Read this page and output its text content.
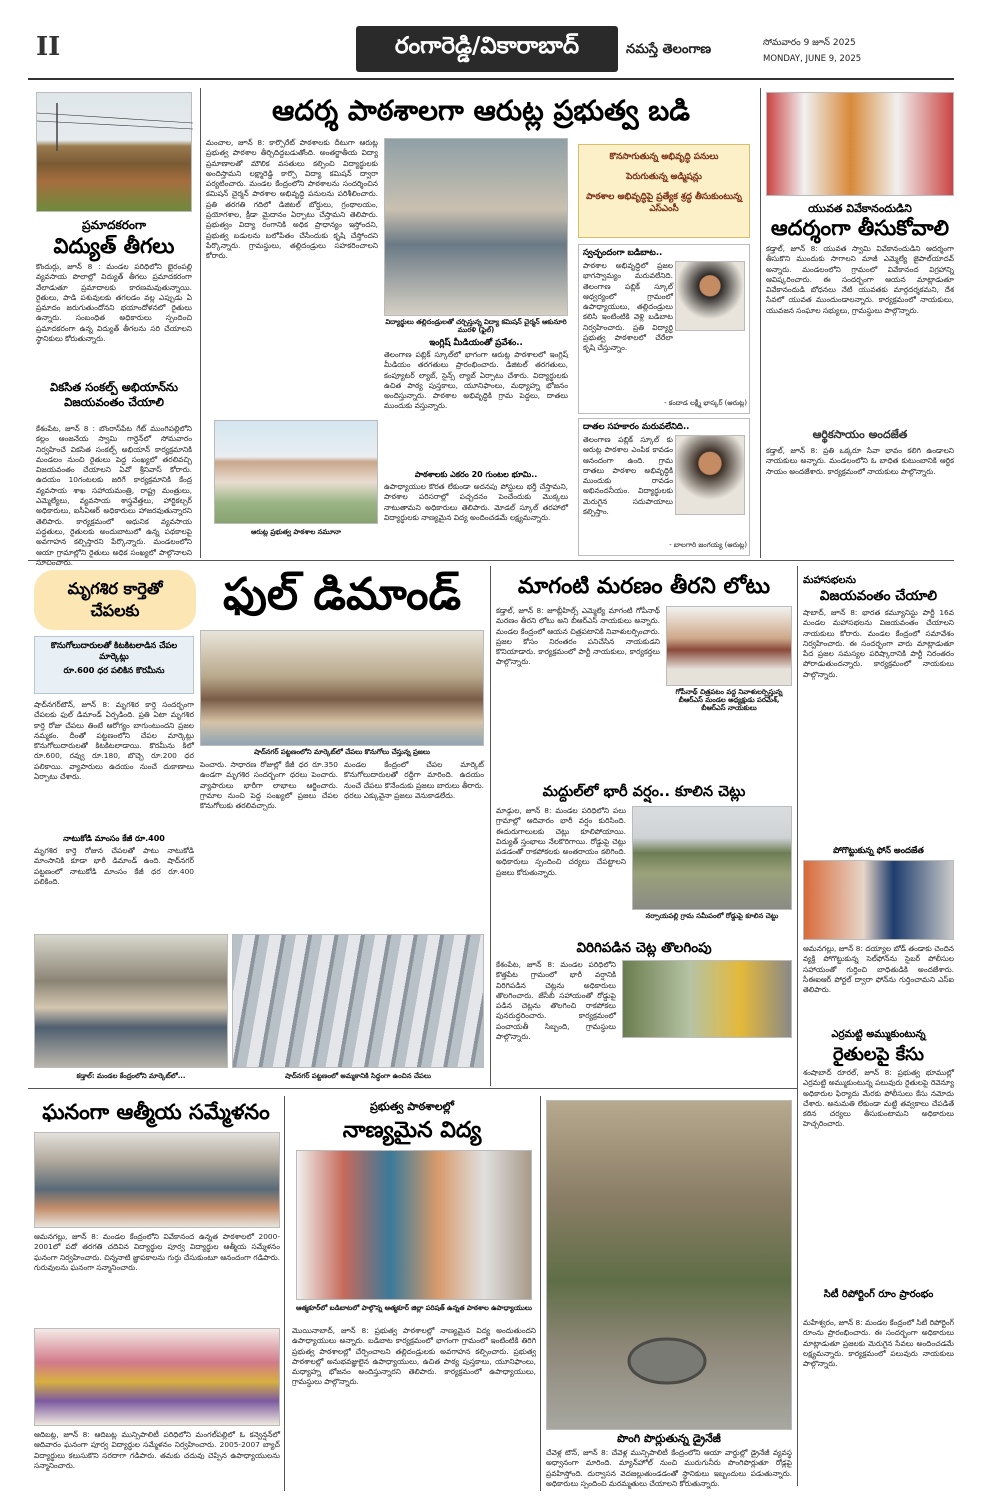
II	రంగారెడ్డి/వికారాబాద్	నమస్తే తెలంగాణ	సోమవారం 9 జూన్ 2025
MONDAY, JUNE 9, 2025
ప్రమాదకరంగా
విద్యుత్ తీగలు
కొందుర్గు, జూన్ 8 : మండల పరిధిలోని భైరంపల్లి వ్యవసాయ పొలాల్లో విద్యుత్ తీగలు ప్రమాదకరంగా వేలాడుతూ ప్రమాదాలకు కారణమవుతున్నాయి. రైతులు, పాడి పశువులకు తగలడం వల్ల ఎప్పుడు ఏ ప్రమాదం జరుగుతుందోనని భయాందోళనలో రైతులు ఉన్నారు. సంబంధిత అధికారులు స్పందించి ప్రమాదకరంగా ఉన్న విద్యుత్ తీగలను సరి చేయాలని స్థానికులు కోరుతున్నారు.
వికసిత సంకల్ప్ అభియాన్‌ను విజయవంతం చేయాలి
కేశంపేట, జూన్ 8 : బొంరాస్‌పేట గేట్ ముంగిపల్లిలోని కల్లం ఆంజనేయ స్వామి గార్డెన్‌లో సోమవారం నిర్వహించే వికసిత సంకల్ప్ అభియాన్ కార్యక్రమానికి మండలం నుంచి రైతులు పెద్ద సంఖ్యలో తరలివచ్చి విజయవంతం చేయాలని ఏవో శ్రీనివాస్ కోరారు. ఉదయం 10గంటలకు జరిగే కార్యక్రమానికి కేంద్ర వ్యవసాయ శాఖ సహాయమంత్రి, రాష్ట్ర మంత్రులు, ఎమ్మెల్యేలు, వ్యవసాయ శాస్త్రవేత్తలు, హార్టికల్చర్ అధికారులు, ఐసీఏఆర్ అధికారులు హాజరవుతున్నారని తెలిపారు. కార్యక్రమంలో ఆధునిక వ్యవసాయ పద్ధతులు, రైతులకు అందుబాటులో ఉన్న పథకాలపై అవగాహన కల్పిస్తారని పేర్కొన్నారు. మండలంలోని ఆయా గ్రామాల్లోని రైతులు అధిక సంఖ్యలో పాల్గొనాలని సూచించారు.
ఆదర్శ పాఠశాలగా ఆరుట్ల ప్రభుత్వ బడి
మంచాల, జూన్ 8: కార్పొరేట్ పాఠశాలకు దీటుగా ఆరుట్ల ప్రభుత్వ పాఠశాల తీర్చిదిద్దబడుతోంది. అంతర్జాతీయ విద్యా ప్రమాణాలతో మౌలిక వసతులు కల్పించి విద్యార్థులకు అందిస్తామని లక్ష్మారెడ్డి కార్పొ విద్యా కమిషన్ ద్వారా పర్యటించారు. మండల కేంద్రంలోని పాఠశాలను సందర్శించిన కమిషన్ చైర్మన్ పాఠశాల అభివృద్ధి పనులను పరిశీలించారు. ప్రతి తరగతి గదిలో డిజిటల్ బోర్డులు, గ్రంథాలయం, ప్రయోగశాల, క్రీడా మైదానం ఏర్పాటు చేస్తామని తెలిపారు. ప్రభుత్వం విద్యా రంగానికి అధిక ప్రాధాన్యం ఇస్తోందని, ప్రభుత్వ బడులను బలోపేతం చేసేందుకు కృషి చేస్తోందని పేర్కొన్నారు. గ్రామస్థులు, తల్లిదండ్రులు సహకరించాలని కోరారు.
విద్యార్థులు తల్లిదండ్రులతో చర్చిస్తున్న విద్యా కమిషన్ చైర్మన్ ఆకునూరి మురళి (ఫైల్)
ఇంగ్లిష్ మీడియంతో ప్రవేశం..
తెలంగాణ పబ్లిక్ స్కూల్‌లో భాగంగా ఆరుట్ల పాఠశాలలో ఇంగ్లిష్ మీడియం తరగతులు ప్రారంభించారు. డిజిటల్ తరగతులు, కంప్యూటర్ ల్యాబ్, సైన్స్ ల్యాబ్ ఏర్పాటు చేశారు. విద్యార్థులకు ఉచిత పాఠ్య పుస్తకాలు, యూనిఫాంలు, మధ్యాహ్న భోజనం అందిస్తున్నారు. పాఠశాల అభివృద్ధికి గ్రామ పెద్దలు, దాతలు ముందుకు వస్తున్నారు.
పాఠశాలకు ఎకరం 20 గుంటల భూమి..
ఉపాధ్యాయుల కొరత లేకుండా అదనపు పోస్టులు భర్తీ చేస్తామని, పాఠశాల పరిసరాల్లో పచ్చదనం పెంచేందుకు మొక్కలు నాటుతామని అధికారులు తెలిపారు. మోడల్ స్కూల్ తరహాలో విద్యార్థులకు నాణ్యమైన విద్య అందించడమే లక్ష్యమన్నారు.
ఆరుట్ల ప్రభుత్వ పాఠశాల నమూనా
కొనసాగుతున్న అభివృద్ధి పనులు
పెరుగుతున్న అడ్మిషన్లు
పాఠశాల అభివృద్ధిపై ప్రత్యేక శ్రద్ధ తీసుకుంటున్న ఎస్ఎంసీ
స్వచ్ఛందంగా బడిబాట..
పాఠశాల అభివృద్ధిలో ప్రజల భాగస్వామ్యం మరువలేనిది. తెలంగాణ పబ్లిక్ స్కూల్ ఆధ్వర్యంలో గ్రామంలో ఉపాధ్యాయులు, తల్లిదండ్రులు కలిసి ఇంటింటికి వెళ్లి బడిబాట నిర్వహించారు. ప్రతి విద్యార్థి ప్రభుత్వ పాఠశాలలో చేరేలా కృషి చేస్తున్నాం.
- కందాడ లక్ష్మీ భాస్కర్ (ఆరుట్ల)
దాతల సహకారం మరువలేనిది..
తెలంగాణ పబ్లిక్ స్కూల్ కు ఆరుట్ల పాఠశాల ఎంపిక కావడం ఆనందంగా ఉంది. గ్రామ దాతలు పాఠశాల అభివృద్ధికి ముందుకు రావడం అభినందనీయం. విద్యార్థులకు మెరుగైన సదుపాయాలు కల్పిస్తాం.
- బాలగారి జంగయ్య (ఆరుట్ల)
యువత వివేకానందుడిని
ఆదర్శంగా తీసుకోవాలి
కడ్తాల్, జూన్ 8: యువత స్వామి వివేకానందుడిని ఆదర్శంగా తీసుకొని ముందుకు సాగాలని మాజీ ఎమ్మెల్యే జైపాల్‌యాదవ్ అన్నారు. మండలంలోని గ్రామంలో వివేకానంద విగ్రహాన్ని ఆవిష్కరించారు. ఈ సందర్భంగా ఆయన మాట్లాడుతూ వివేకానందుడి బోధనలు నేటి యువతకు మార్గదర్శకమని, దేశ సేవలో యువత ముందుండాలన్నారు. కార్యక్రమంలో నాయకులు, యువజన సంఘాల సభ్యులు, గ్రామస్థులు పాల్గొన్నారు.
ఆర్థికసాయం అందజేత
కడ్తాల్, జూన్ 8: ప్రతి ఒక్కరూ సేవా భావం కలిగి ఉండాలని నాయకులు అన్నారు. మండలంలోని ఓ బాధిత కుటుంబానికి ఆర్థిక సాయం అందజేశారు. కార్యక్రమంలో నాయకులు పాల్గొన్నారు.
మృగశిర కార్తెతో చేపలకు	ఫుల్ డిమాండ్
కొనుగోలుదారులతో కిటకిటలాడిన చేపల మార్కెట్లు
రూ.600 ధర పలికిన కొరమీను
షాద్‌నగర్‌టౌన్, జూన్ 8: మృగశిర కార్తె సందర్భంగా చేపలకు ఫుల్ డిమాండ్ ఏర్పడింది. ప్రతి ఏటా మృగశిర కార్తె రోజు చేపలు తింటే ఆరోగ్యం బాగుంటుందని ప్రజల నమ్మకం. దీంతో పట్టణంలోని చేపల మార్కెట్లు కొనుగోలుదారులతో కిటకిటలాడాయి. కొరమీను కిలో రూ.600, రవ్వు రూ.180, బొచ్చె రూ.200 ధర పలికాయి. వ్యాపారులు ఉదయం నుంచే దుకాణాలు ఏర్పాటు చేశారు.
నాటుకోడి మాంసం కేజీ రూ.400
మృగశిర కార్తె రోజున చేపలతో పాటు నాటుకోడి మాంసానికి కూడా భారీ డిమాండ్ ఉంది. షాద్‌నగర్ పట్టణంలో నాటుకోడి మాంసం కేజీ ధర రూ.400 పలికింది.
షాద్‌నగర్ పట్టణంలోని మార్కెట్‌లో చేపలు కొనుగోలు చేస్తున్న ప్రజలు
పెంచారు. సాధారణ రోజుల్లో కేజీ ధర రూ.350 ఉండగా మృగశిర సందర్భంగా ధరలు పెంచారు. వ్యాపారులు భారీగా లాభాలు ఆర్జించారు. గ్రామాల నుంచి పెద్ద సంఖ్యలో ప్రజలు చేపల కొనుగోలుకు తరలివచ్చారు.
మండల కేంద్రంలో చేపల మార్కెట్ కొనుగోలుదారులతో రద్దీగా మారింది. ఉదయం నుంచే చేపలు కొనేందుకు ప్రజలు బారులు తీరారు. ధరలు ఎక్కువైనా ప్రజలు వెనుకాడలేదు.
కడ్తాల్: మండల కేంద్రంలోని మార్కెట్‌లో...	షాద్‌నగర్ పట్టణంలో అమ్మకానికి సిద్ధంగా ఉంచిన చేపలు
మాగంటి మరణం తీరని లోటు
కడ్తాల్, జూన్ 8: జూబ్లీహిల్స్ ఎమ్మెల్యే మాగంటి గోపీనాథ్ మరణం తీరని లోటు అని బీఆర్ఎస్ నాయకులు అన్నారు. మండల కేంద్రంలో ఆయన చిత్రపటానికి నివాళులర్పించారు. ప్రజల కోసం నిరంతరం పనిచేసిన నాయకుడని కొనియాడారు. కార్యక్రమంలో పార్టీ నాయకులు, కార్యకర్తలు పాల్గొన్నారు.
గోపీనాథ్ చిత్రపటం వద్ద నివాళులర్పిస్తున్న బీఆర్ఎస్ మండల అధ్యక్షుడు పరమేశ్, బీఆర్ఎస్ నాయకులు
మద్దుల్‌లో భారీ వర్షం.. కూలిన చెట్లు
మాడ్గుల, జూన్ 8: మండల పరిధిలోని పలు గ్రామాల్లో ఆదివారం భారీ వర్షం కురిసింది. ఈదురుగాలులకు చెట్లు కూలిపోయాయి. విద్యుత్ స్తంభాలు నేలకొరిగాయి. రోడ్డుపై చెట్లు పడడంతో రాకపోకలకు అంతరాయం కలిగింది. అధికారులు స్పందించి చర్యలు చేపట్టాలని ప్రజలు కోరుతున్నారు.
నర్సాయపల్లి గ్రామ సమీపంలో రోడ్డుపై కూలిన చెట్టు
విరిగిపడిన చెట్ల తొలగింపు
కేశంపేట, జూన్ 8: మండల పరిధిలోని కొత్తపేట గ్రామంలో భారీ వర్షానికి విరిగిపడిన చెట్లను అధికారులు తొలగించారు. జేసీబీ సహాయంతో రోడ్డుపై పడిన చెట్లను తొలగించి రాకపోకలు పునరుద్ధరించారు. కార్యక్రమంలో పంచాయతీ సిబ్బంది, గ్రామస్థులు పాల్గొన్నారు.
మహాసభలను
విజయవంతం చేయాలి
షాబాద్, జూన్ 8: భారత కమ్యూనిస్టు పార్టీ 16వ మండల మహాసభలను విజయవంతం చేయాలని నాయకులు కోరారు. మండల కేంద్రంలో సమావేశం నిర్వహించారు. ఈ సందర్భంగా వారు మాట్లాడుతూ పేద ప్రజల సమస్యల పరిష్కారానికి పార్టీ నిరంతరం పోరాడుతుందన్నారు. కార్యక్రమంలో నాయకులు పాల్గొన్నారు.
పోగొట్టుకున్న ఫోన్ అందజేత
ఆమనగల్లు, జూన్ 8: దయ్యాల బోడ్ తండాకు చెందిన వ్యక్తి పోగొట్టుకున్న సెల్‌ఫోన్‌ను సైబర్ పోలీసుల సహాయంతో గుర్తించి బాధితుడికి అందజేశారు. సీఈఐఆర్ పోర్టల్ ద్వారా ఫోన్‌ను గుర్తించామని ఎస్ఐ తెలిపారు.
ఎర్రమట్టి అమ్ముకుంటున్న
రైతులపై కేసు
శంషాబాద్ రూరల్, జూన్ 8: ప్రభుత్వ భూముల్లో ఎర్రమట్టి అమ్ముకుంటున్న పలువురు రైతులపై రెవెన్యూ అధికారుల ఫిర్యాదు మేరకు పోలీసులు కేసు నమోదు చేశారు. అనుమతి లేకుండా మట్టి తవ్వకాలు చేపడితే కఠిన చర్యలు తీసుకుంటామని అధికారులు హెచ్చరించారు.
సిటీ రిపోర్టింగ్ రూం ప్రారంభం
మహేశ్వరం, జూన్ 8: మండల కేంద్రంలో సిటీ రిపోర్టింగ్ రూంను ప్రారంభించారు. ఈ సందర్భంగా అధికారులు మాట్లాడుతూ ప్రజలకు మెరుగైన సేవలు అందించడమే లక్ష్యమన్నారు. కార్యక్రమంలో పలువురు నాయకులు పాల్గొన్నారు.
ఘనంగా ఆత్మీయ సమ్మేళనం
ఆమనగల్లు, జూన్ 8: మండల కేంద్రంలోని వివేకానంద ఉన్నత పాఠశాలలో 2000-2001లో పదో తరగతి చదివిన విద్యార్థుల పూర్వ విద్యార్థుల ఆత్మీయ సమ్మేళనం ఘనంగా నిర్వహించారు. చిన్ననాటి జ్ఞాపకాలను గుర్తు చేసుకుంటూ ఆనందంగా గడిపారు. గురువులను ఘనంగా సన్మానించారు.
ఆదిబట్ల, జూన్ 8: ఆదిబట్ల మున్సిపాలిటీ పరిధిలోని మంగల్‌పల్లిలో ఓ కన్వెన్షన్‌లో ఆదివారం ఘనంగా పూర్వ విద్యార్థుల సమ్మేళనం నిర్వహించారు. 2005-2007 బ్యాచ్ విద్యార్థులు కలుసుకొని సరదాగా గడిపారు. తమకు చదువు చెప్పిన ఉపాధ్యాయులను సన్మానించారు.
ప్రభుత్వ పాఠశాలల్లో
నాణ్యమైన విద్య
ఆత్మకూర్‌లో బడిబాటలో పాల్గొన్న ఆత్మకూర్ జిల్లా పరిషత్ ఉన్నత పాఠశాల ఉపాధ్యాయులు
మొయినాబాద్, జూన్ 8: ప్రభుత్వ పాఠశాలల్లో నాణ్యమైన విద్య అందుతుందని ఉపాధ్యాయులు అన్నారు. బడిబాట కార్యక్రమంలో భాగంగా గ్రామంలో ఇంటింటికి తిరిగి ప్రభుత్వ పాఠశాలల్లో చేర్పించాలని తల్లిదండ్రులకు అవగాహన కల్పించారు. ప్రభుత్వ పాఠశాలల్లో అనుభవజ్ఞులైన ఉపాధ్యాయులు, ఉచిత పాఠ్య పుస్తకాలు, యూనిఫాంలు, మధ్యాహ్న భోజనం అందిస్తున్నారని తెలిపారు. కార్యక్రమంలో ఉపాధ్యాయులు, గ్రామస్థులు పాల్గొన్నారు.
పొంగి పొర్లుతున్న డ్రైనేజీ
చేవెళ్ల టౌన్, జూన్ 8: చేవెళ్ల మున్సిపాలిటీ కేంద్రంలోని ఆయా వార్డుల్లో డ్రైనేజీ వ్యవస్థ అధ్వానంగా మారింది. మ్యాన్‌హోల్ నుంచి మురుగునీరు పొంగిపొర్లుతూ రోడ్లపై ప్రవహిస్తోంది. దుర్వాసన వెదజల్లుతుండడంతో స్థానికులు ఇబ్బందులు పడుతున్నారు. అధికారులు స్పందించి మరమ్మతులు చేయాలని కోరుతున్నారు.
